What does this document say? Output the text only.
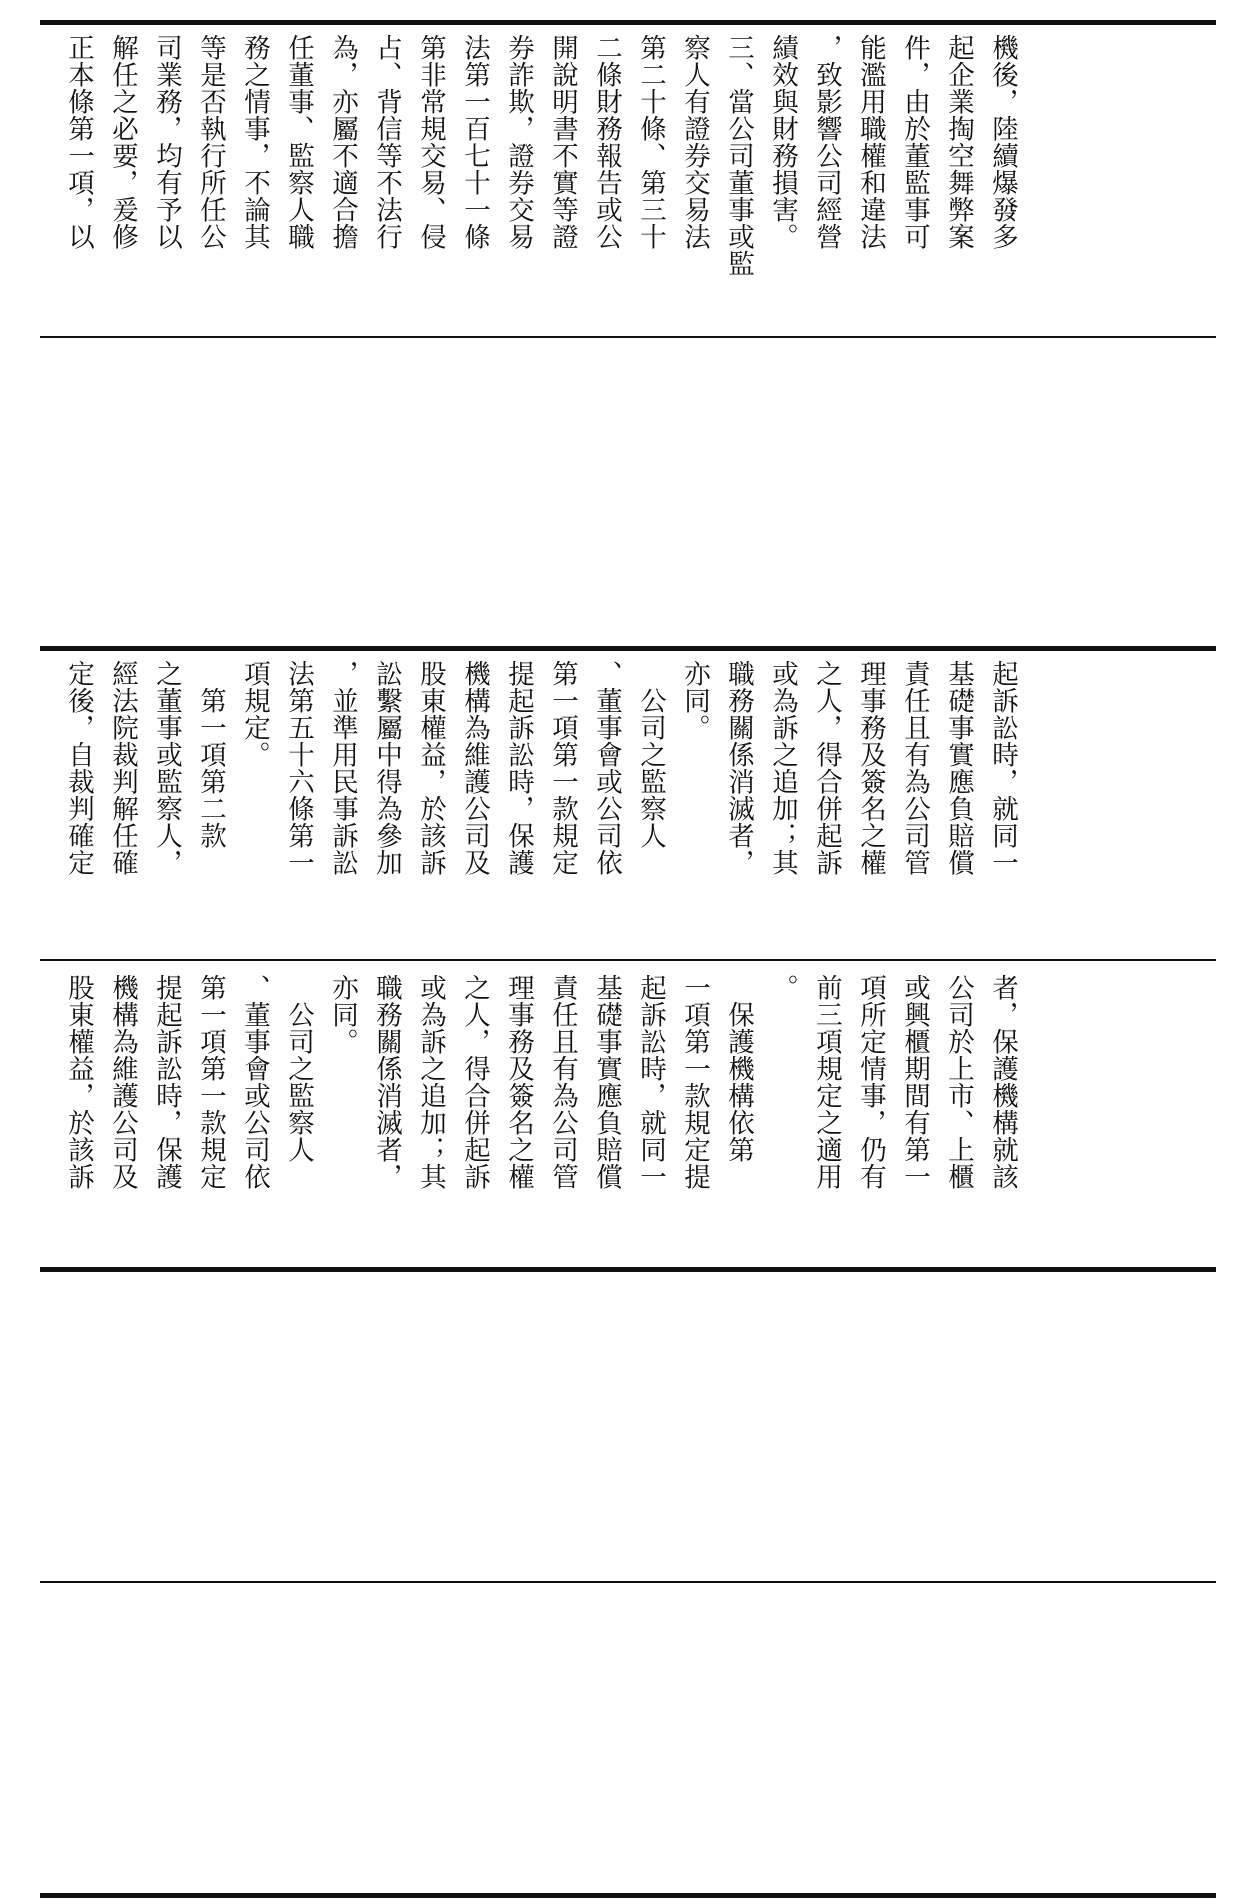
機後，陸續爆發多
起企業掏空舞弊案
件，由於董監事可
能濫用職權和違法
，致影響公司經營
績效與財務損害。
三、當公司董事或監
察人有證券交易法
第二十條、第三十
二條財務報告或公
開說明書不實等證
券詐欺，證券交易
法第一百七十一條
第非常規交易、侵
占、背信等不法行
為，亦屬不適合擔
任董事、監察人職
務之情事，不論其
等是否執行所任公
司業務，均有予以
解任之必要，爰修
正本條第一項，以
起訴訟時，就同一
基礎事實應負賠償
責任且有為公司管
理事務及簽名之權
之人，得合併起訴
或為訴之追加；其
職務關係消滅者，
亦同。
　公司之監察人
、董事會或公司依
第一項第一款規定
提起訴訟時，保護
機構為維護公司及
股東權益，於該訴
訟繫屬中得為參加
，並準用民事訴訟
法第五十六條第一
項規定。
　第一項第二款
之董事或監察人，
經法院裁判解任確
定後，自裁判確定
者，保護機構就該
公司於上市、上櫃
或興櫃期間有第一
項所定情事，仍有
前三項規定之適用
。
　保護機構依第
一項第一款規定提
起訴訟時，就同一
基礎事實應負賠償
責任且有為公司管
理事務及簽名之權
之人，得合併起訴
或為訴之追加；其
職務關係消滅者，
亦同。
　公司之監察人
、董事會或公司依
第一項第一款規定
提起訴訟時，保護
機構為維護公司及
股東權益，於該訴
